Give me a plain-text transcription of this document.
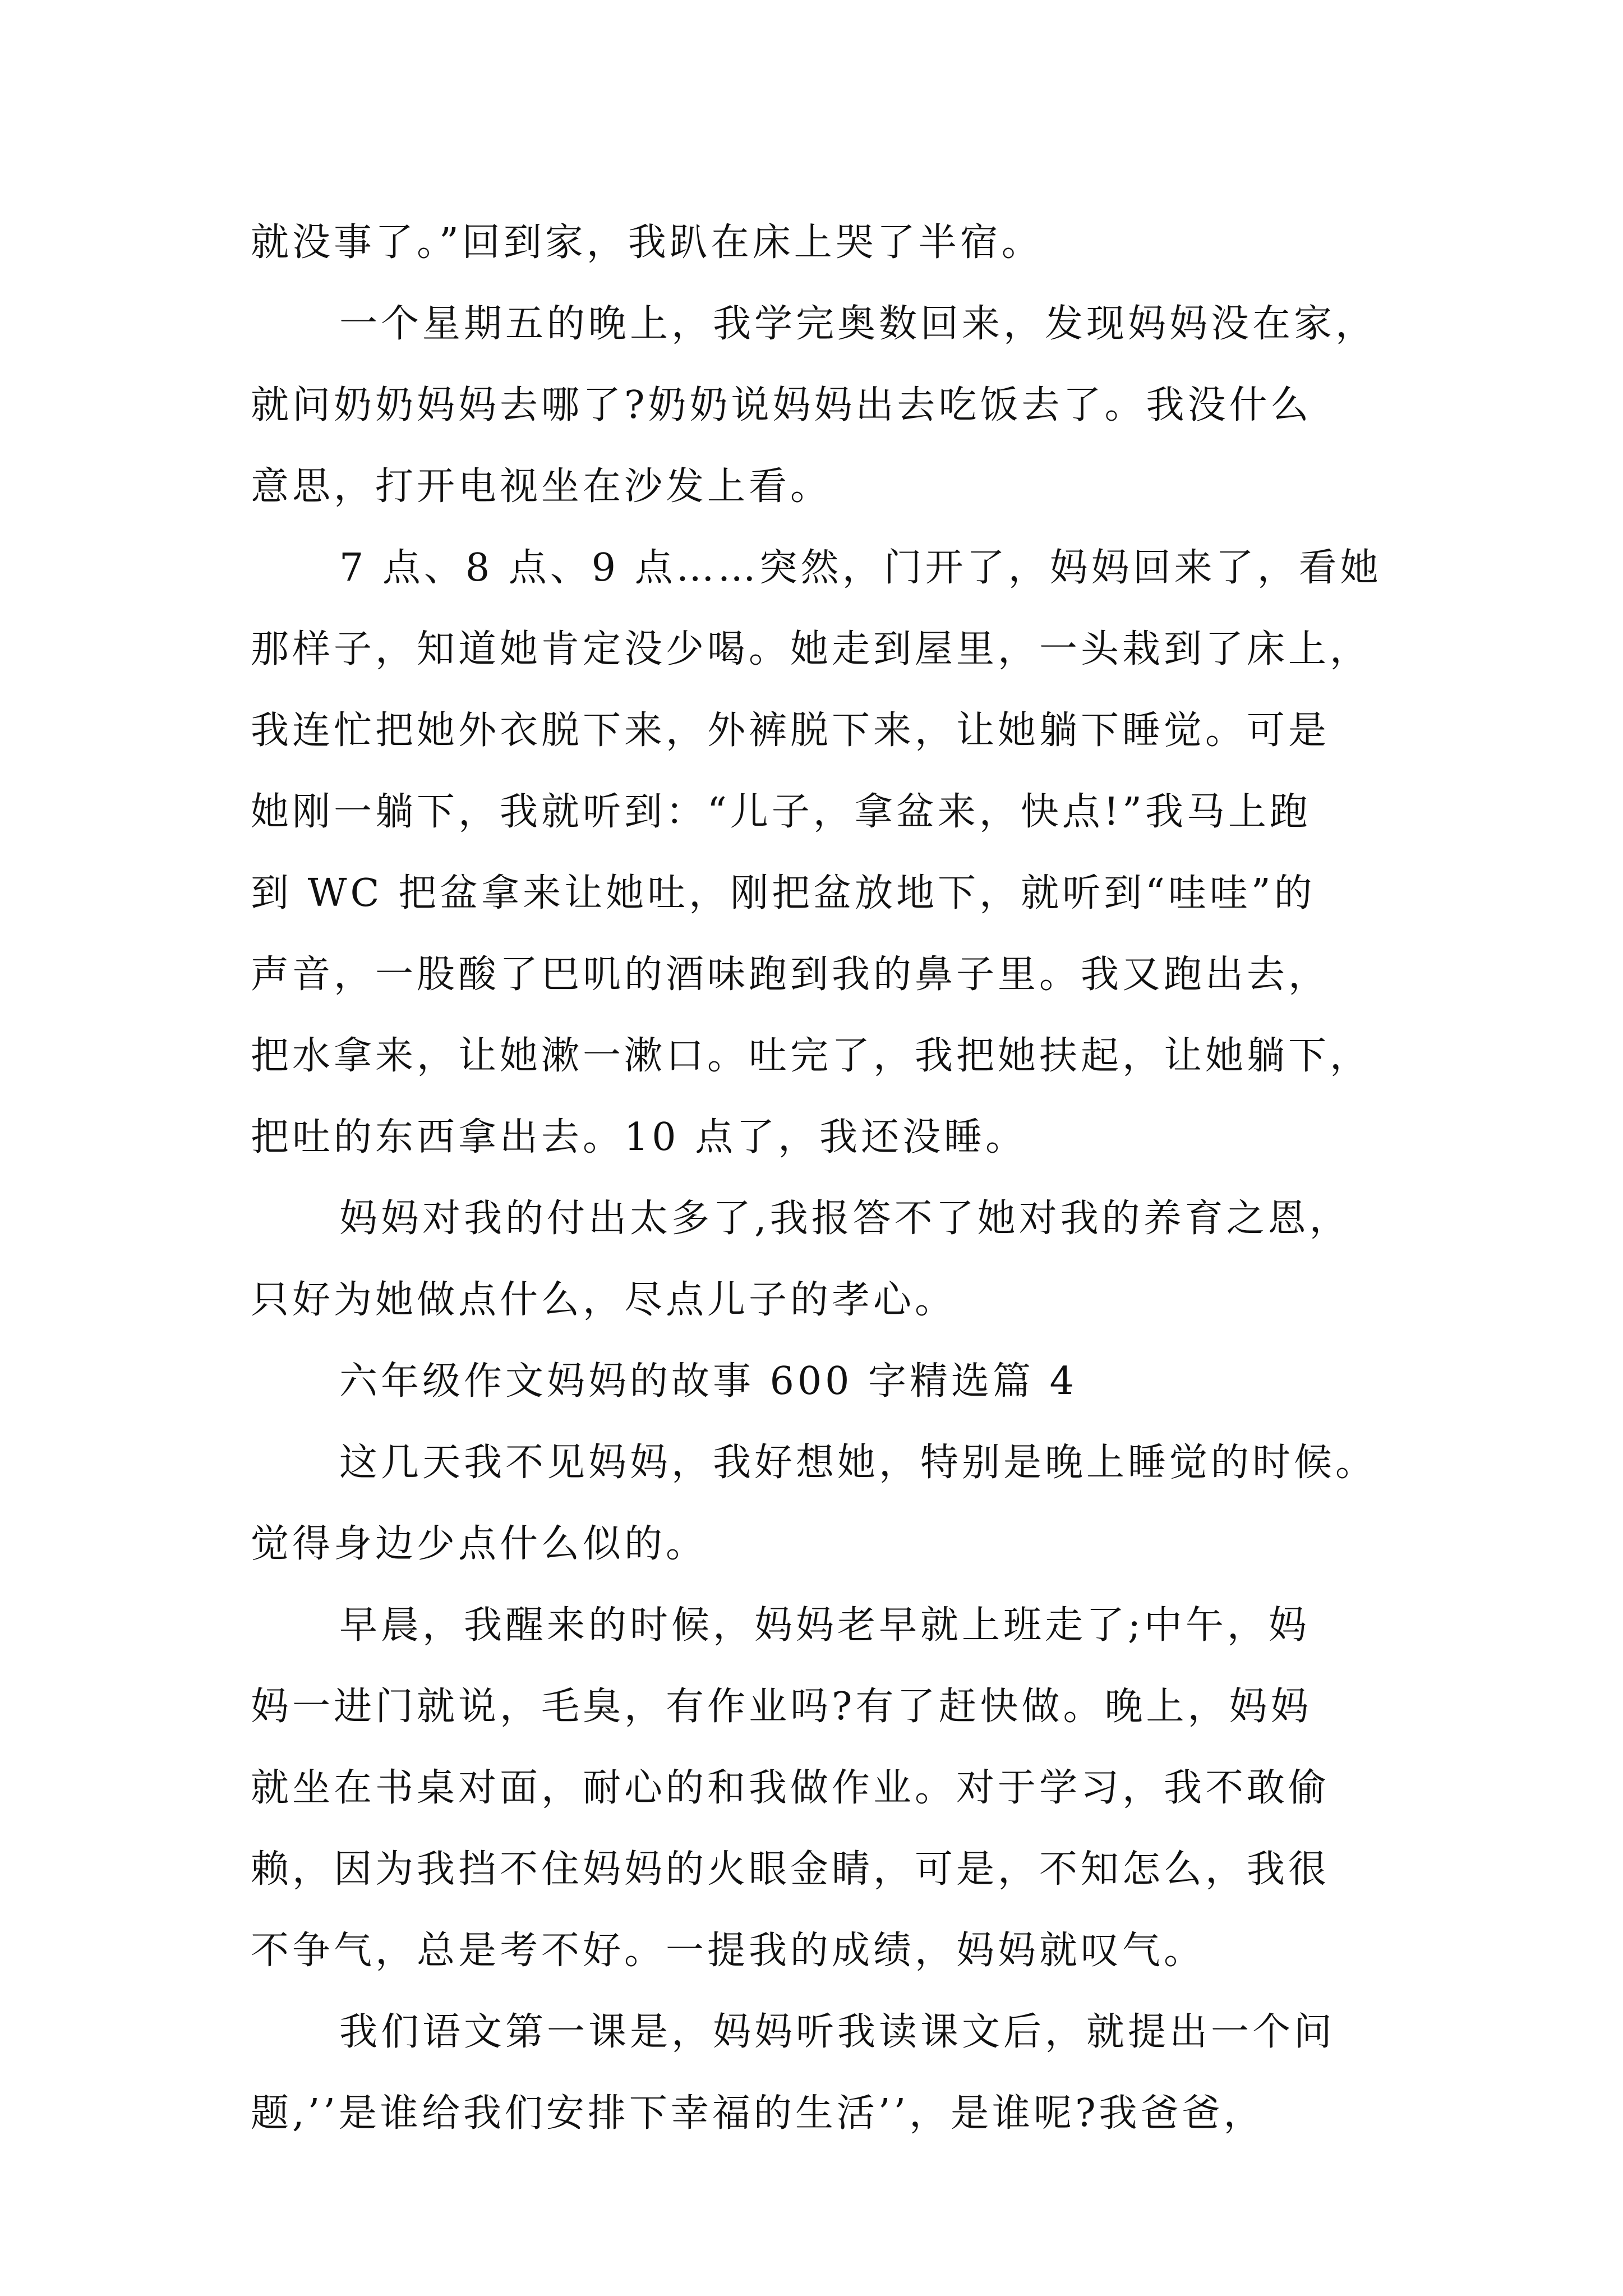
就没事了。”回到家，我趴在床上哭了半宿。
一个星期五的晚上，我学完奥数回来，发现妈妈没在家，
就问奶奶妈妈去哪了?奶奶说妈妈出去吃饭去了。我没什么
意思，打开电视坐在沙发上看。
7 点、8 点、9 点……突然，门开了，妈妈回来了，看她
那样子，知道她肯定没少喝。她走到屋里，一头栽到了床上，
我连忙把她外衣脱下来，外裤脱下来，让她躺下睡觉。可是
她刚一躺下，我就听到：“儿子，拿盆来，快点!”我马上跑
到 WC 把盆拿来让她吐，刚把盆放地下，就听到“哇哇”的
声音，一股酸了巴叽的酒味跑到我的鼻子里。我又跑出去，
把水拿来，让她漱一漱口。吐完了，我把她扶起，让她躺下，
把吐的东西拿出去。10 点了，我还没睡。
妈妈对我的付出太多了,我报答不了她对我的养育之恩，
只好为她做点什么，尽点儿子的孝心。
六年级作文妈妈的故事 600 字精选篇 4
这几天我不见妈妈，我好想她，特别是晚上睡觉的时候。
觉得身边少点什么似的。
早晨，我醒来的时候，妈妈老早就上班走了;中午，妈
妈一进门就说，毛臭，有作业吗?有了赶快做。晚上，妈妈
就坐在书桌对面，耐心的和我做作业。对于学习，我不敢偷
赖，因为我挡不住妈妈的火眼金睛，可是，不知怎么，我很
不争气，总是考不好。一提我的成绩，妈妈就叹气。
我们语文第一课是，妈妈听我读课文后，就提出一个问
题,’’是谁给我们安排下幸福的生活’’，是谁呢?我爸爸，
